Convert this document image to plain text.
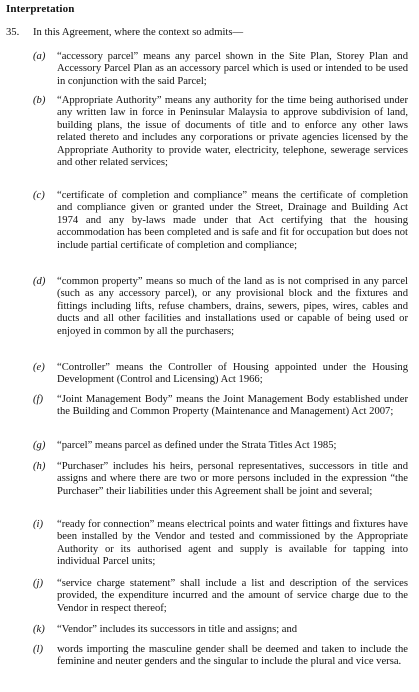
Interpretation
35. In this Agreement, where the context so admits—
(a)	“accessory parcel” means any parcel shown in the Site Plan, Storey Plan and Accessory Parcel Plan as an accessory parcel which is used or intended to be used in conjunction with the said Parcel;
(b)	“Appropriate Authority” means any authority for the time being authorised under any written law in force in Peninsular Malaysia to approve subdivision of land, building plans, the issue of documents of title and to enforce any other laws related thereto and includes any corporations or private agencies licensed by the Appropriate Authority to provide water, electricity, telephone, sewerage services and other related services;
(c)	“certificate of completion and compliance” means the certificate of completion and compliance given or granted under the Street, Drainage and Building Act 1974 and any by-laws made under that Act certifying that the housing accommodation has been completed and is safe and fit for occupation but does not include partial certificate of completion and compliance;
(d)	“common property” means so much of the land as is not comprised in any parcel (such as any accessory parcel), or any provisional block and the fixtures and fittings including lifts, refuse chambers, drains, sewers, pipes, wires, cables and ducts and all other facilities and installations used or capable of being used or enjoyed in common by all the purchasers;
(e)	“Controller” means the Controller of Housing appointed under the Housing Development (Control and Licensing) Act 1966;
(f)	“Joint Management Body” means the Joint Management Body established under the Building and Common Property (Maintenance and Management) Act 2007;
(g)	“parcel” means parcel as defined under the Strata Titles Act 1985;
(h)	“Purchaser” includes his heirs, personal representatives, successors in title and assigns and where there are two or more persons included in the expression “the Purchaser” their liabilities under this Agreement shall be joint and several;
(i)	“ready for connection” means electrical points and water fittings and fixtures have been installed by the Vendor and tested and commissioned by the Appropriate Authority or its authorised agent and supply is available for tapping into individual Parcel units;
(j)	“service charge statement” shall include a list and description of the services provided, the expenditure incurred and the amount of service charge due to the Vendor in respect thereof;
(k)	“Vendor” includes its successors in title and assigns; and
(l)	words importing the masculine gender shall be deemed and taken to include the feminine and neuter genders and the singular to include the plural and vice versa.
